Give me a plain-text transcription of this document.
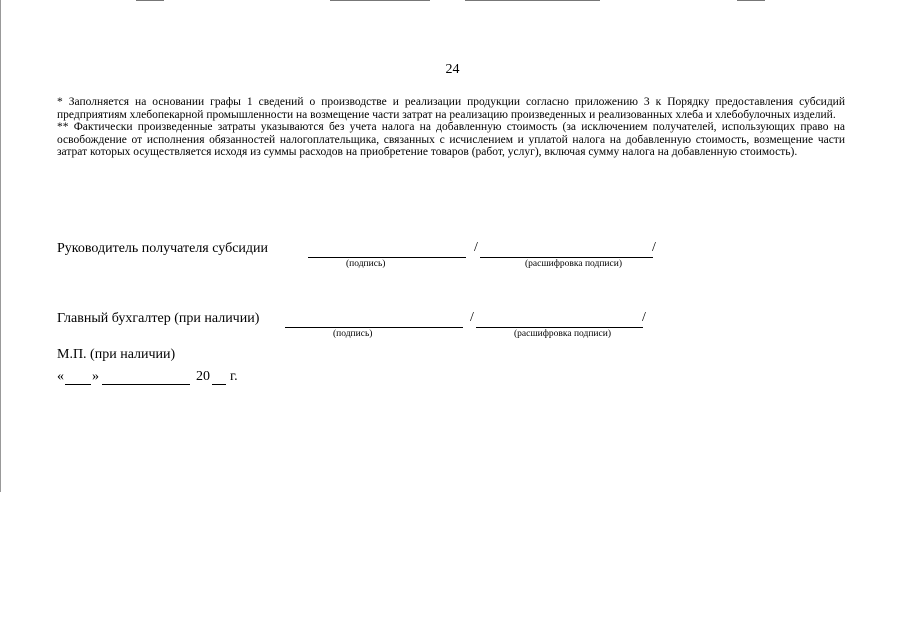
24

* Заполняется на основании графы 1 сведений о производстве и реализации продукции согласно приложению 3 к Порядку предоставления субсидий предприятиям хлебопекарной промышленности на возмещение части затрат на реализацию произведенных и реализованных хлеба и хлебобулочных изделий.

** Фактически произведенные затраты указываются без учета налога на добавленную стоимость (за исключением получателей, использующих право на освобождение от исполнения обязанностей налогоплательщика, связанных с исчислением и уплатой налога на добавленную стоимость, возмещение части затрат которых осуществляется исходя из суммы расходов на приобретение товаров (работ, услуг), включая сумму налога на добавленную стоимость).

Руководитель получателя субсидии	/	/
(подпись)	(расшифровка подписи)
Главный бухгалтер (при наличии)	/	/
(подпись)	(расшифровка подписи)
М.П. (при наличии)
« »	20 г.
